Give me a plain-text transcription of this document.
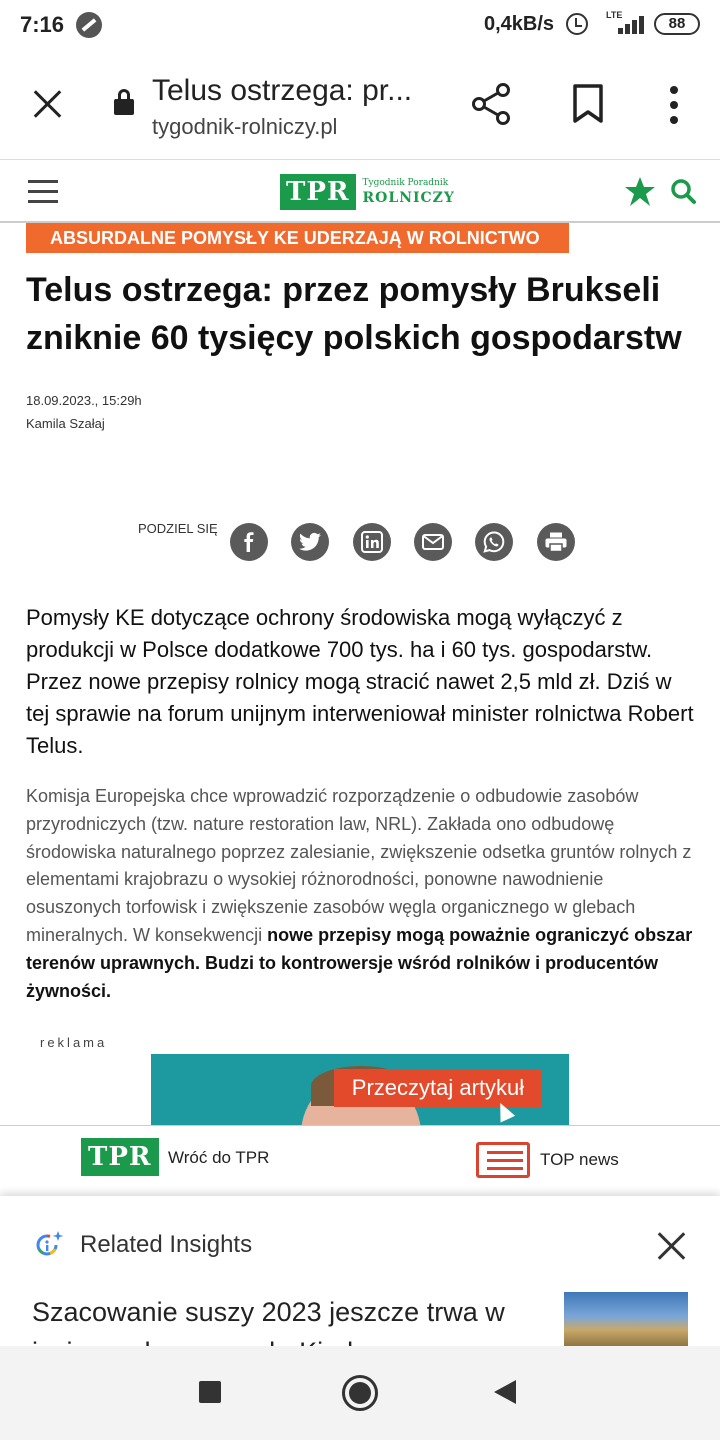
7:16	0,4kB/s	LTE	88
Telus ostrzega: pr...
tygodnik-rolniczy.pl
TPR	Tygodnik Poradnik
ROLNICZY
ABSURDALNE POMYSŁY KE UDERZAJĄ W ROLNICTWO
Telus ostrzega: przez pomysły Brukseli zniknie 60 tysięcy polskich gospodarstw
18.09.2023., 15:29h
Kamila Szałaj
PODZIEL SIĘ

Pomysły KE dotyczące ochrony środowiska mogą wyłączyć z produkcji w Polsce dodatkowe 700 tys. ha i 60 tys. gospodarstw. Przez nowe przepisy rolnicy mogą stracić nawet 2,5 mld zł. Dziś w tej sprawie na forum unijnym interweniował minister rolnictwa Robert Telus.

Komisja Europejska chce wprowadzić rozporządzenie o odbudowie zasobów przyrodniczych (tzw. nature restoration law, NRL). Zakłada ono odbudowę środowiska naturalnego poprzez zalesianie, zwiększenie odsetka gruntów rolnych z elementami krajobrazu o wysokiej różnorodności, ponowne nawodnienie osuszonych torfowisk i zwiększenie zasobów węgla organicznego w glebach mineralnych. W konsekwencji nowe przepisy mogą poważnie ograniczyć obszar terenów uprawnych. Budzi to kontrowersje wśród rolników i producentów żywności.

reklama
Przeczytaj artykuł
TPR Wróć do TPR	TOP news
Related Insights
Szacowanie suszy 2023 jeszcze trwa w
